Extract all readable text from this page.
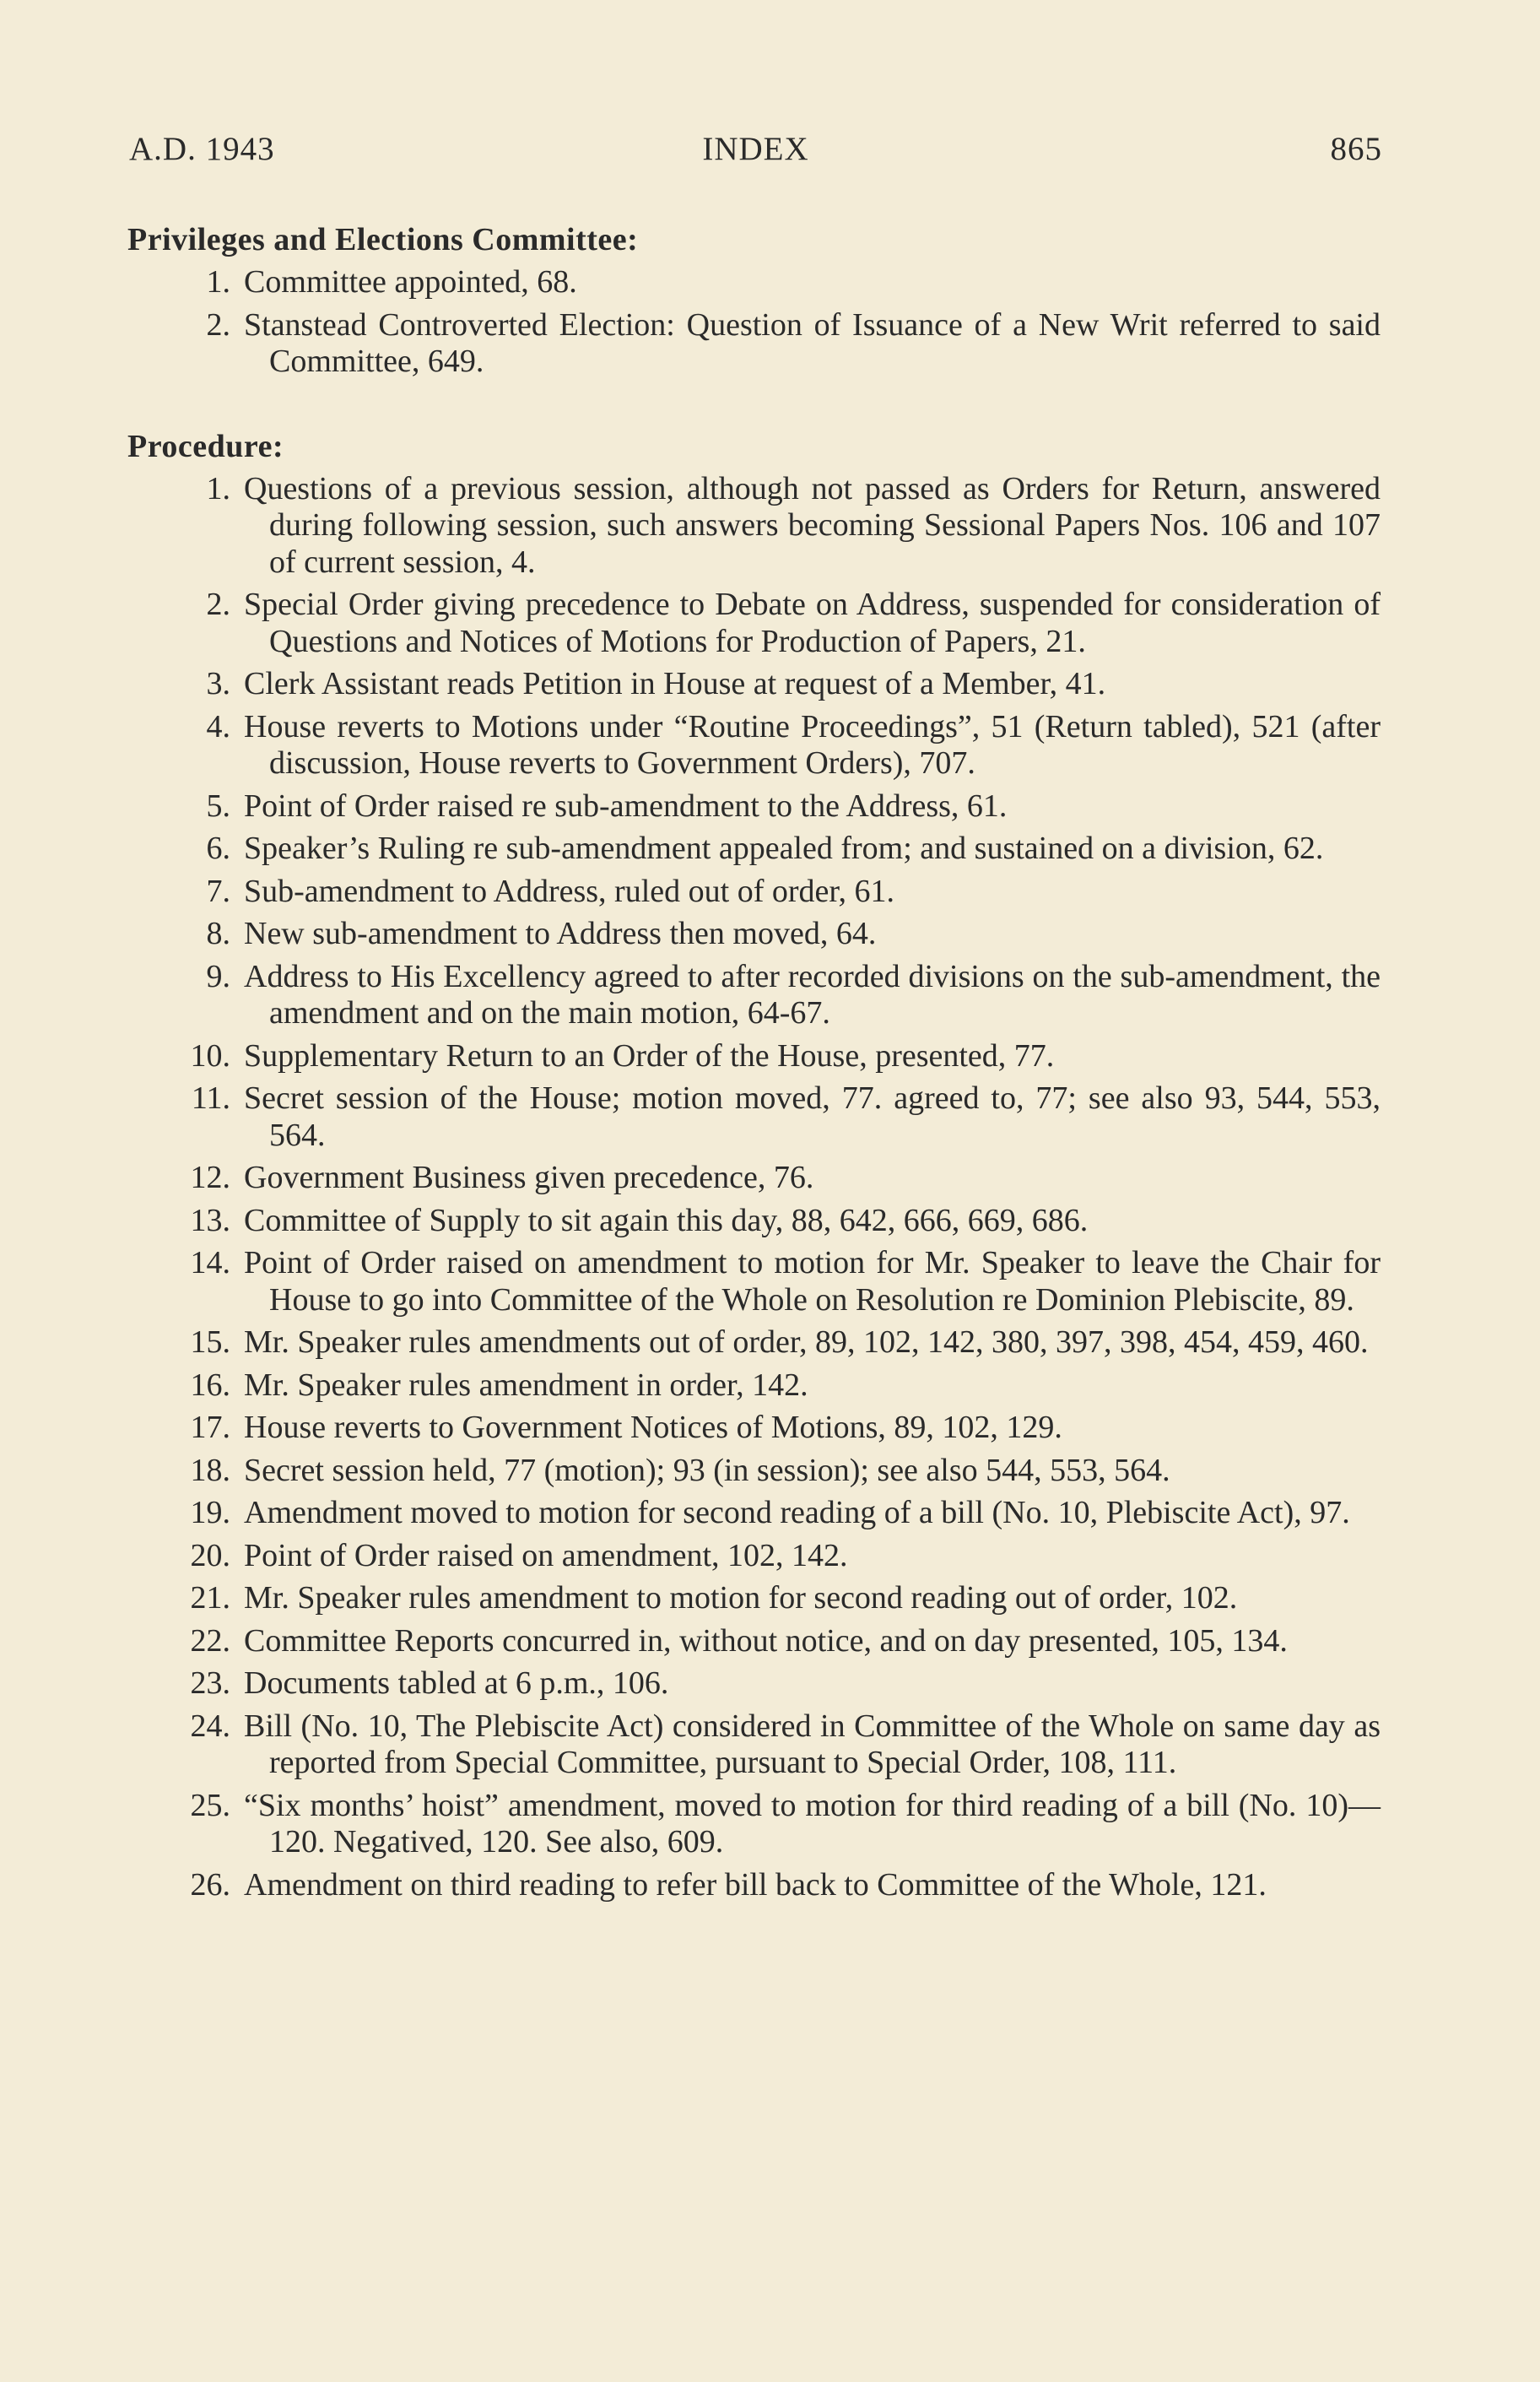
A.D. 1943	INDEX	865
Privileges and Elections Committee:
1. Committee appointed, 68.
2. Stanstead Controverted Election: Question of Issuance of a New Writ referred to said Committee, 649.
Procedure:
1. Questions of a previous session, although not passed as Orders for Return, answered during following session, such answers becoming Sessional Papers Nos. 106 and 107 of current session, 4.
2. Special Order giving precedence to Debate on Address, suspended for consideration of Questions and Notices of Motions for Production of Papers, 21.
3. Clerk Assistant reads Petition in House at request of a Member, 41.
4. House reverts to Motions under “Routine Proceedings”, 51 (Return tabled), 521 (after discussion, House reverts to Government Orders), 707.
5. Point of Order raised re sub-amendment to the Address, 61.
6. Speaker’s Ruling re sub-amendment appealed from; and sustained on a division, 62.
7. Sub-amendment to Address, ruled out of order, 61.
8. New sub-amendment to Address then moved, 64.
9. Address to His Excellency agreed to after recorded divisions on the sub-amendment, the amendment and on the main motion, 64-67.
10. Supplementary Return to an Order of the House, presented, 77.
11. Secret session of the House; motion moved, 77. agreed to, 77; see also 93, 544, 553, 564.
12. Government Business given precedence, 76.
13. Committee of Supply to sit again this day, 88, 642, 666, 669, 686.
14. Point of Order raised on amendment to motion for Mr. Speaker to leave the Chair for House to go into Committee of the Whole on Resolution re Dominion Plebiscite, 89.
15. Mr. Speaker rules amendments out of order, 89, 102, 142, 380, 397, 398, 454, 459, 460.
16. Mr. Speaker rules amendment in order, 142.
17. House reverts to Government Notices of Motions, 89, 102, 129.
18. Secret session held, 77 (motion); 93 (in session); see also 544, 553, 564.
19. Amendment moved to motion for second reading of a bill (No. 10, Plebiscite Act), 97.
20. Point of Order raised on amendment, 102, 142.
21. Mr. Speaker rules amendment to motion for second reading out of order, 102.
22. Committee Reports concurred in, without notice, and on day presented, 105, 134.
23. Documents tabled at 6 p.m., 106.
24. Bill (No. 10, The Plebiscite Act) considered in Committee of the Whole on same day as reported from Special Committee, pursuant to Special Order, 108, 111.
25. “Six months’ hoist” amendment, moved to motion for third reading of a bill (No. 10)—120. Negatived, 120. See also, 609.
26. Amendment on third reading to refer bill back to Committee of the Whole, 121.
